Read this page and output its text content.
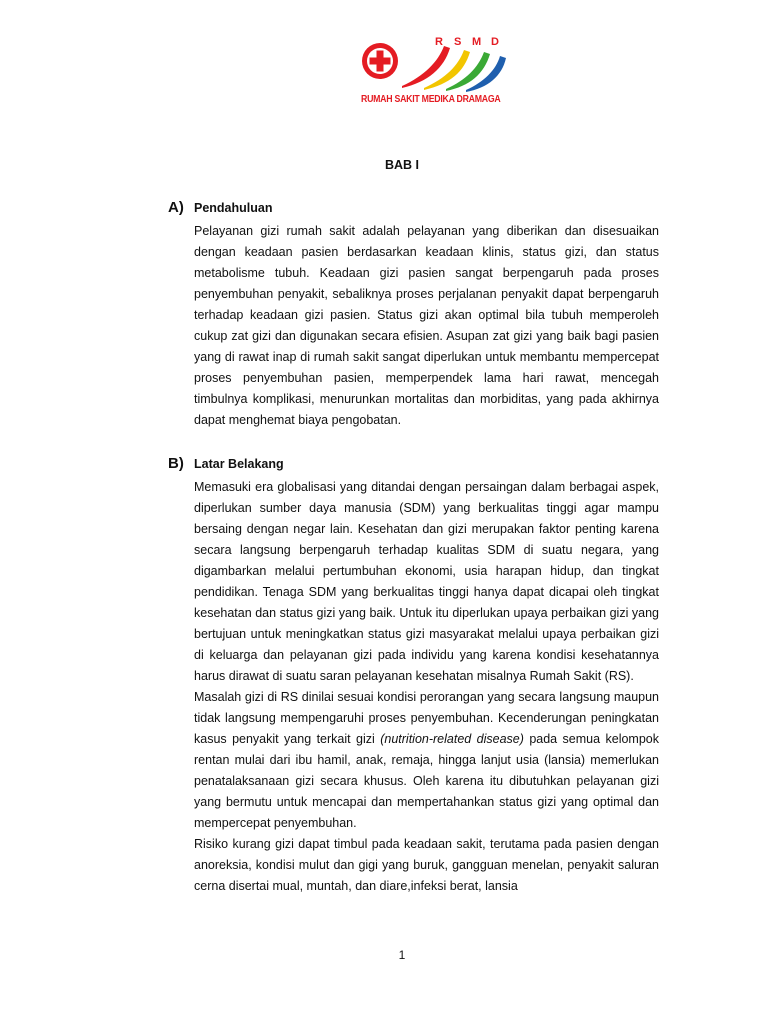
R S M D
RUMAH SAKIT MEDIKA DRAMAGA
BAB I
A) Pendahuluan

Pelayanan gizi rumah sakit adalah pelayanan yang diberikan dan disesuaikan dengan keadaan pasien berdasarkan keadaan klinis, status gizi, dan status metabolisme tubuh. Keadaan gizi pasien sangat berpengaruh pada proses penyembuhan penyakit, sebaliknya proses perjalanan penyakit dapat berpengaruh terhadap keadaan gizi pasien. Status gizi akan optimal bila tubuh memperoleh cukup zat gizi dan digunakan secara efisien. Asupan zat gizi yang baik bagi pasien yang di rawat inap di rumah sakit sangat diperlukan untuk membantu mempercepat proses penyembuhan pasien, memperpendek lama hari rawat, mencegah timbulnya komplikasi, menurunkan mortalitas dan morbiditas, yang pada akhirnya dapat menghemat biaya pengobatan.

B) Latar Belakang

Memasuki era globalisasi yang ditandai dengan persaingan dalam berbagai aspek, diperlukan sumber daya manusia (SDM) yang berkualitas tinggi agar mampu bersaing dengan negar lain. Kesehatan dan gizi merupakan faktor penting karena secara langsung berpengaruh terhadap kualitas SDM di suatu negara, yang digambarkan melalui pertumbuhan ekonomi, usia harapan hidup, dan tingkat pendidikan. Tenaga SDM yang berkualitas tinggi hanya dapat dicapai oleh tingkat kesehatan dan status gizi yang baik. Untuk itu diperlukan upaya perbaikan gizi yang bertujuan untuk meningkatkan status gizi masyarakat melalui upaya perbaikan gizi di keluarga dan pelayanan gizi pada individu yang karena kondisi kesehatannya harus dirawat di suatu saran pelayanan kesehatan misalnya Rumah Sakit (RS).

Masalah gizi di RS dinilai sesuai kondisi perorangan yang secara langsung maupun tidak langsung mempengaruhi proses penyembuhan. Kecenderungan peningkatan kasus penyakit yang terkait gizi (nutrition-related disease) pada semua kelompok rentan mulai dari ibu hamil, anak, remaja, hingga lanjut usia (lansia) memerlukan penatalaksanaan gizi secara khusus. Oleh karena itu dibutuhkan pelayanan gizi yang bermutu untuk mencapai dan mempertahankan status gizi yang optimal dan mempercepat penyembuhan.

Risiko kurang gizi dapat timbul pada keadaan sakit, terutama pada pasien dengan anoreksia, kondisi mulut dan gigi yang buruk, gangguan menelan, penyakit saluran cerna disertai mual, muntah, dan diare,infeksi berat, lansia

1
